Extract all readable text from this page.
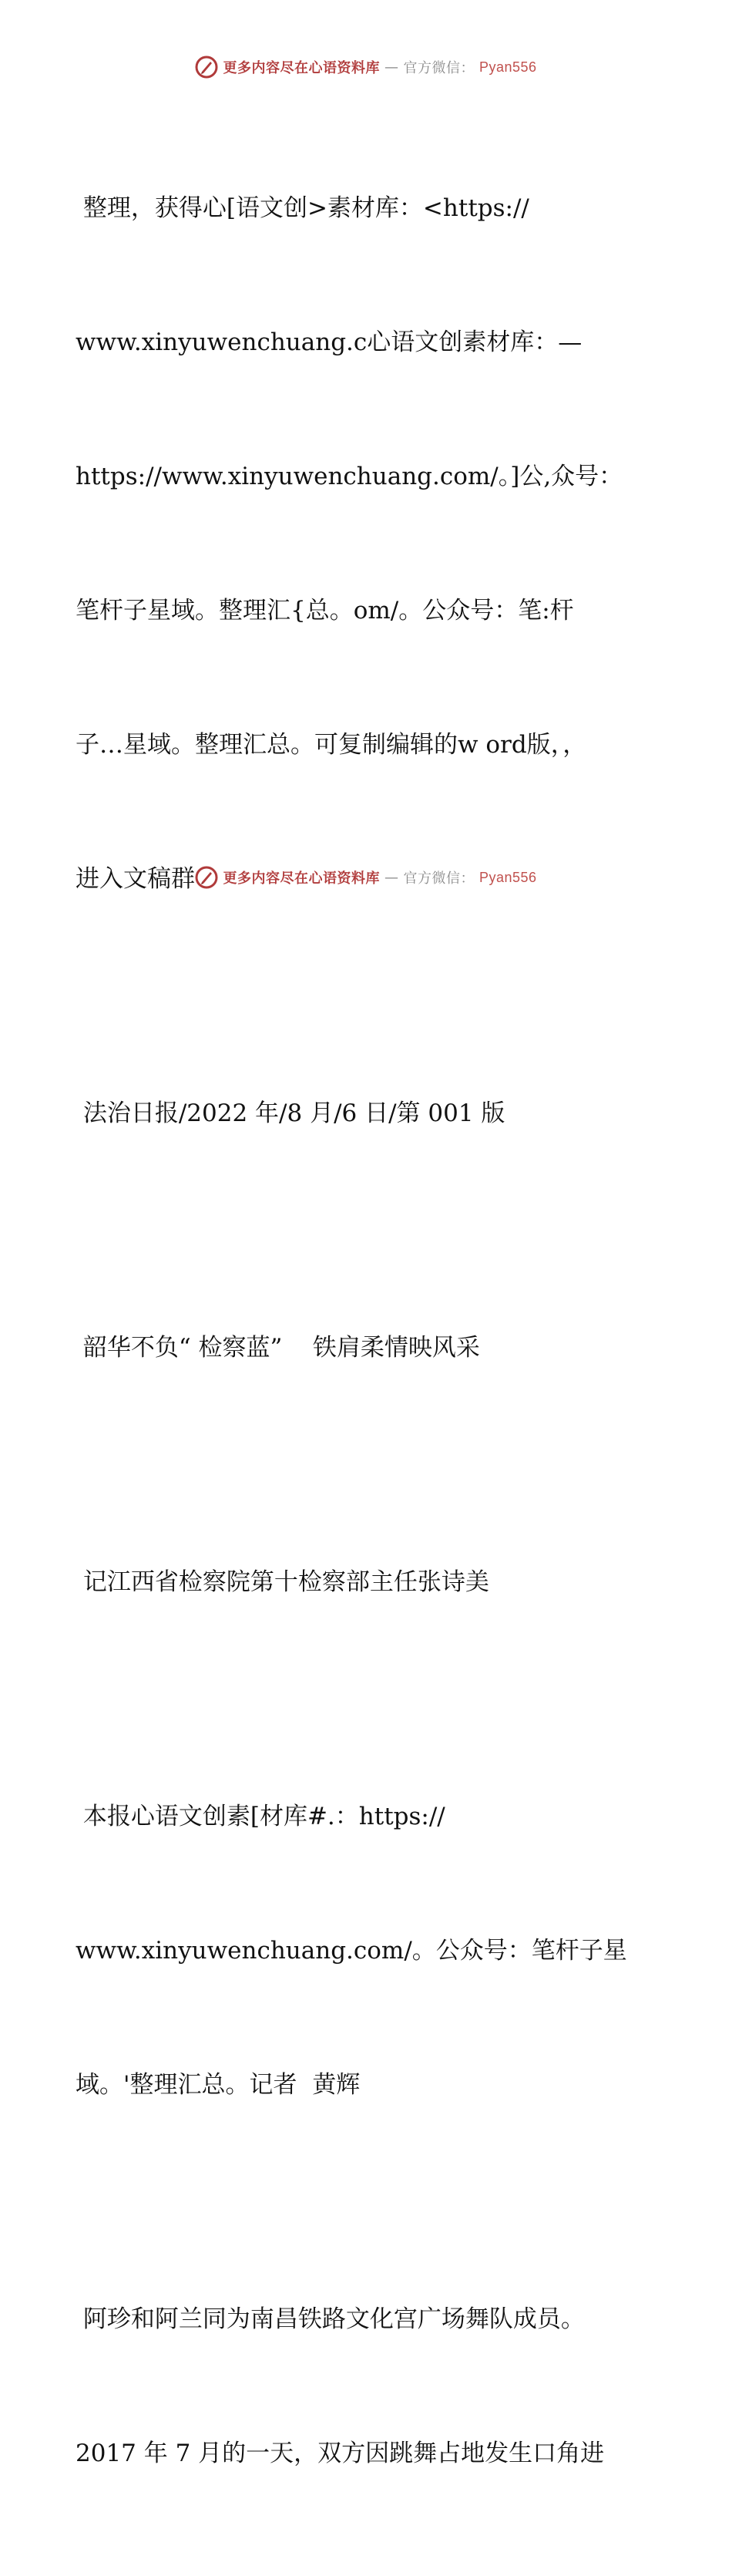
更多内容尽在心语资料库 — 官方微信： Pyan556

整理，获得心[语文创>素材库：<https://

www.xinyuwenchuang.c心语文创素材库：—

https://www.xinyuwenchuang.com/。]公,众号：

笔杆子星域。整理汇{总。om/。公众号：笔:杆

子…星域。整理汇总。可复制编辑的w ord版，，

进入文稿群

法治日报/2022 年/8 月/6 日/第 001 版

韶华不负“ 检察蓝”    铁肩柔情映风采

记江西省检察院第十检察部主任张诗美

本报心语文创素[材库#.：https://

www.xinyuwenchuang.com/。公众号：笔杆子星

域。'整理汇总。记者  黄辉

阿珍和阿兰同为南昌铁路文化宫广场舞队成员。

2017 年 7 月的一天，双方因跳舞占地发生口角进

更多内容尽在心语资料库 — 官方微信： Pyan556
